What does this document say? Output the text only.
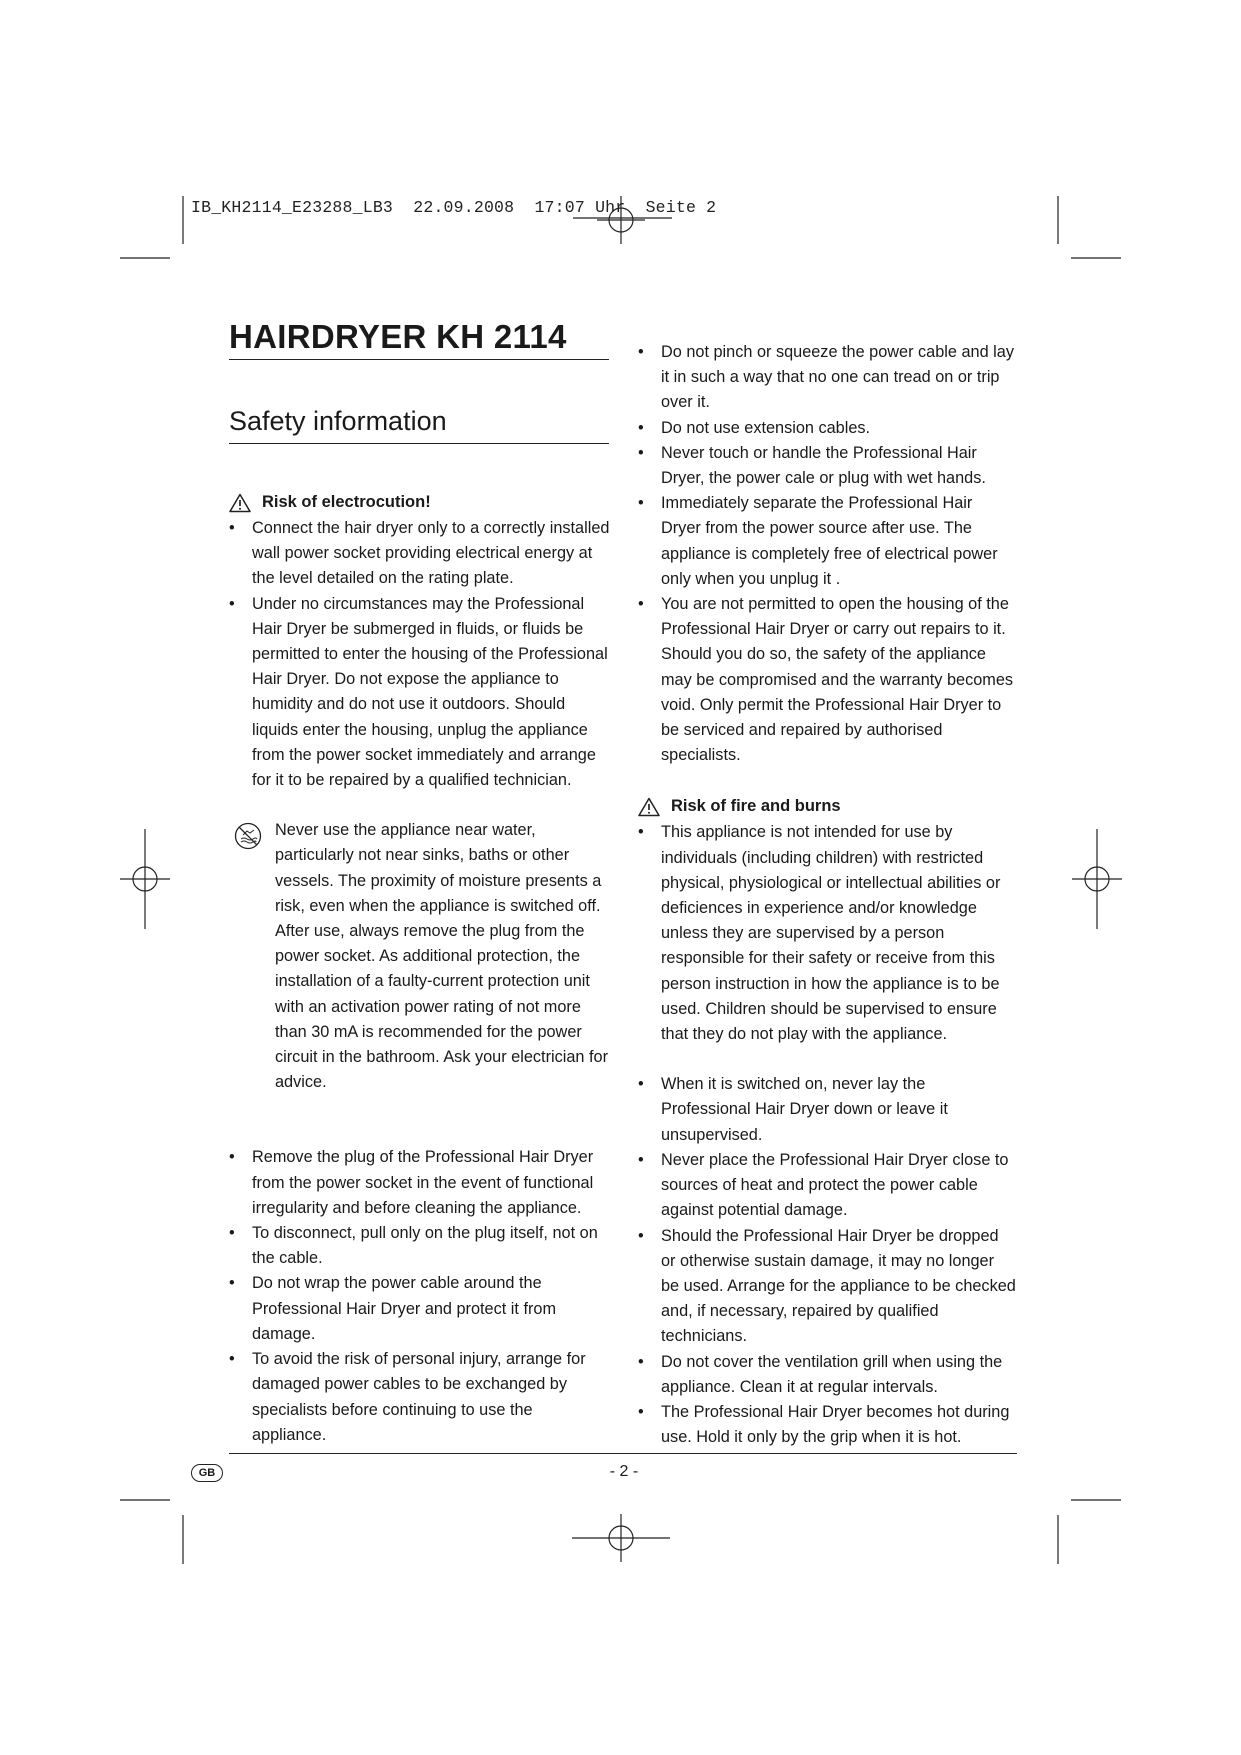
IB_KH2114_E23288_LB3  22.09.2008  17:07 Uhr  Seite 2
HAIRDRYER KH 2114
Safety information
Risk of electrocution!
• Connect the hair dryer only to a correctly installed wall power socket providing electrical energy at the level detailed on the rating plate.
• Under no circumstances may the Professional Hair Dryer be submerged in fluids, or fluids be permitted to enter the housing of the Professional Hair Dryer. Do not expose the appliance to humidity and do not use it outdoors. Should liquids enter the housing, unplug the appliance from the power socket immediately and arrange for it to be repaired by a qualified technician.

Never use the appliance near water, particularly not near sinks, baths or other vessels. The proximity of moisture presents a risk, even when the appliance is switched off.

After use, always remove the plug from the power socket. As additional protection, the installation of a faulty-current protection unit with an activation power rating of not more than 30 mA is recommended for the power circuit in the bathroom. Ask your electrician for advice.

• Remove the plug of the Professional Hair Dryer from the power socket in the event of functional irregularity and before cleaning the appliance.
• To disconnect, pull only on the plug itself, not on the cable.
• Do not wrap the power cable around the Professional Hair Dryer and protect it from damage.
• To avoid the risk of personal injury, arrange for damaged power cables to be exchanged by specialists before continuing to use the appliance.
• Do not pinch or squeeze the power cable and lay it in such a way that no one can tread on or trip over it.
• Do not use extension cables.
• Never touch or handle the Professional Hair Dryer, the power cale or plug with wet hands.
• Immediately separate the Professional Hair Dryer from the power source after use. The appliance is completely free of electrical power only when you unplug it .
• You are not permitted to open the housing of the Professional Hair Dryer or carry out repairs to it. Should you do so, the safety of the appliance may be compromised and the warranty becomes void. Only permit the Professional Hair Dryer to be serviced and repaired by authorised specialists.
Risk of fire and burns
• This appliance is not intended for use by individuals (including children) with restricted physical, physiological or intellectual abilities or deficiences in experience and/or knowledge unless they are supervised by a person responsible for their safety or receive from this person instruction in how the appliance is to be used. Children should be supervised to ensure that they do not play with the appliance.
• When it is switched on, never lay the Professional Hair Dryer down or leave it unsupervised.
• Never place the Professional Hair Dryer close to sources of heat and protect the power cable against potential damage.
• Should the Professional Hair Dryer be dropped or otherwise sustain damage, it may no longer be used. Arrange for the appliance to be checked and, if necessary, repaired by qualified technicians.
• Do not cover the ventilation grill when using the appliance. Clean it at regular intervals.
• The Professional Hair Dryer becomes hot during use. Hold it only by the grip when it is hot.
GB	- 2 -
